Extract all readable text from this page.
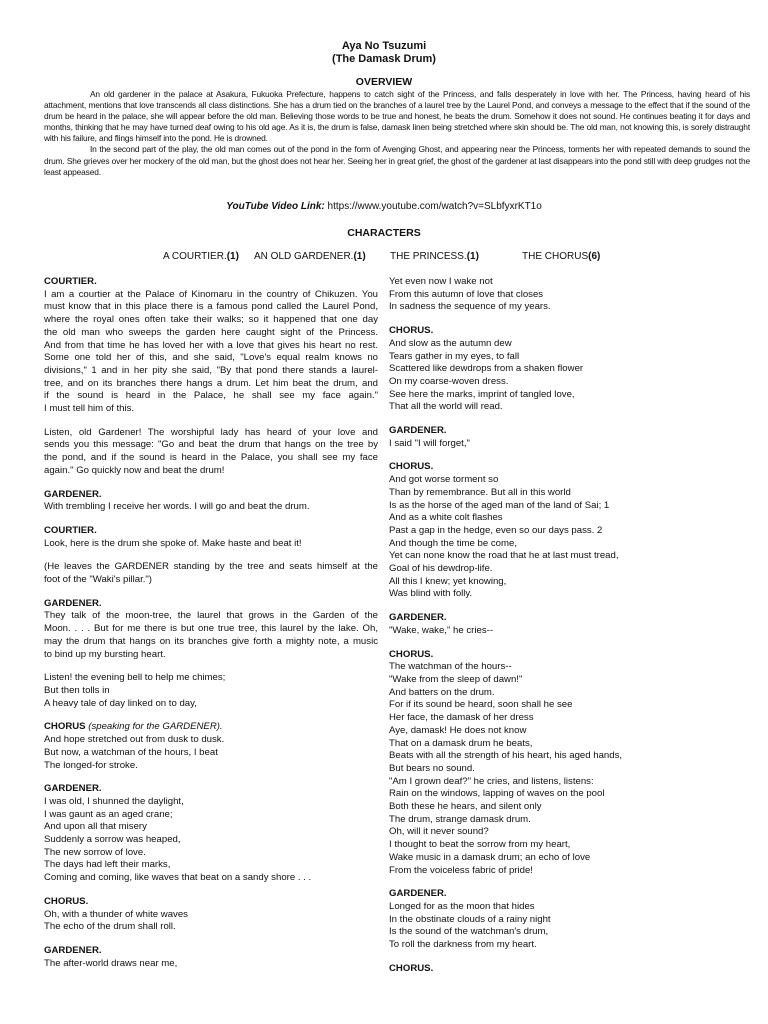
Aya No Tsuzumi
(The Damask Drum)
OVERVIEW

An old gardener in the palace at Asakura, Fukuoka Prefecture, happens to catch sight of the Princess, and falls desperately in love with her. The Princess, having heard of his attachment, mentions that love transcends all class distinctions. She has a drum tied on the branches of a laurel tree by the Laurel Pond, and conveys a message to the effect that if the sound of the drum be heard in the palace, she will appear before the old man. Believing those words to be true and honest, he beats the drum. Somehow it does not sound. He continues beating it for days and months, thinking that he may have turned deaf owing to his old age. As it is, the drum is false, damask linen being stretched where skin should be. The old man, not knowing this, is sorely distraught with his failure, and flings himself into the pond. He is drowned.

In the second part of the play, the old man comes out of the pond in the form of Avenging Ghost, and appearing near the Princess, torments her with repeated demands to sound the drum. She grieves over her mockery of the old man, but the ghost does not hear her. Seeing her in great grief, the ghost of the gardener at last disappears into the pond still with deep grudges not the least appeased.

YouTube Video Link: https://www.youtube.com/watch?v=SLbfyxrKT1o
CHARACTERS
A COURTIER.(1) AN OLD GARDENER.(1) THE PRINCESS.(1)	THE CHORUS(6)
COURTIER.
I am a courtier at the Palace of Kinomaru in the country of Chikuzen. You
must know that in this place there is a famous pond called the Laurel Pond,
where the royal ones often take their walks; so it happened that one day
the old man who sweeps the garden here caught sight of the Princess.
And from that time he has loved her with a love that gives his heart no rest.
Some one told her of this, and she said, "Love's equal realm knows no
divisions," 1 and in her pity she said, "By that pond there stands a laurel-
tree, and on its branches there hangs a drum. Let him beat the drum, and
if the sound is heard in the Palace, he shall see my face again."
I must tell him of this.
Listen, old Gardener! The worshipful lady has heard of your love and
sends you this message: "Go and beat the drum that hangs on the tree by
the pond, and if the sound is heard in the Palace, you shall see my face
again." Go quickly now and beat the drum!
GARDENER.
With trembling I receive her words. I will go and beat the drum.
COURTIER.
Look, here is the drum she spoke of. Make haste and beat it!
(He leaves the GARDENER standing by the tree and seats himself at the
foot of the "Waki's pillar.")
GARDENER.
They talk of the moon-tree, the laurel that grows in the Garden of the
Moon. . . . But for me there is but one true tree, this laurel by the lake. Oh,
may the drum that hangs on its branches give forth a mighty note, a music
to bind up my bursting heart.
Listen! the evening bell to help me chimes;
But then tolls in
A heavy tale of day linked on to day,
CHORUS (speaking for the GARDENER).
And hope stretched out from dusk to dusk.
But now, a watchman of the hours, I beat
The longed-for stroke.
GARDENER.
I was old, I shunned the daylight,
I was gaunt as an aged crane;
And upon all that misery
Suddenly a sorrow was heaped,
The new sorrow of love.
The days had left their marks,
Coming and coming, like waves that beat on a sandy shore . . .
CHORUS.
Oh, with a thunder of white waves
The echo of the drum shall roll.
GARDENER.
The after-world draws near me,
Yet even now I wake not
From this autumn of love that closes
In sadness the sequence of my years.
CHORUS.
And slow as the autumn dew
Tears gather in my eyes, to fall
Scattered like dewdrops from a shaken flower
On my coarse-woven dress.
See here the marks, imprint of tangled love,
That all the world will read.
GARDENER.
I said "I will forget,"
CHORUS.
And got worse torment so
Than by remembrance. But all in this world
Is as the horse of the aged man of the land of Sai; 1
And as a white colt flashes
Past a gap in the hedge, even so our days pass. 2
And though the time be come,
Yet can none know the road that he at last must tread,
Goal of his dewdrop-life.
All this I knew; yet knowing,
Was blind with folly.
GARDENER.
"Wake, wake," he cries--
CHORUS.
The watchman of the hours--
"Wake from the sleep of dawn!"
And batters on the drum.
For if its sound be heard, soon shall he see
Her face, the damask of her dress
Aye, damask! He does not know
That on a damask drum he beats,
Beats with all the strength of his heart, his aged hands,
But bears no sound.
"Am I grown deaf?" he cries, and listens, listens:
Rain on the windows, lapping of waves on the pool
Both these he hears, and silent only
The drum, strange damask drum.
Oh, will it never sound?
I thought to beat the sorrow from my heart,
Wake music in a damask drum; an echo of love
From the voiceless fabric of pride!
GARDENER.
Longed for as the moon that hides
In the obstinate clouds of a rainy night
Is the sound of the watchman's drum,
To roll the darkness from my heart.
CHORUS.
